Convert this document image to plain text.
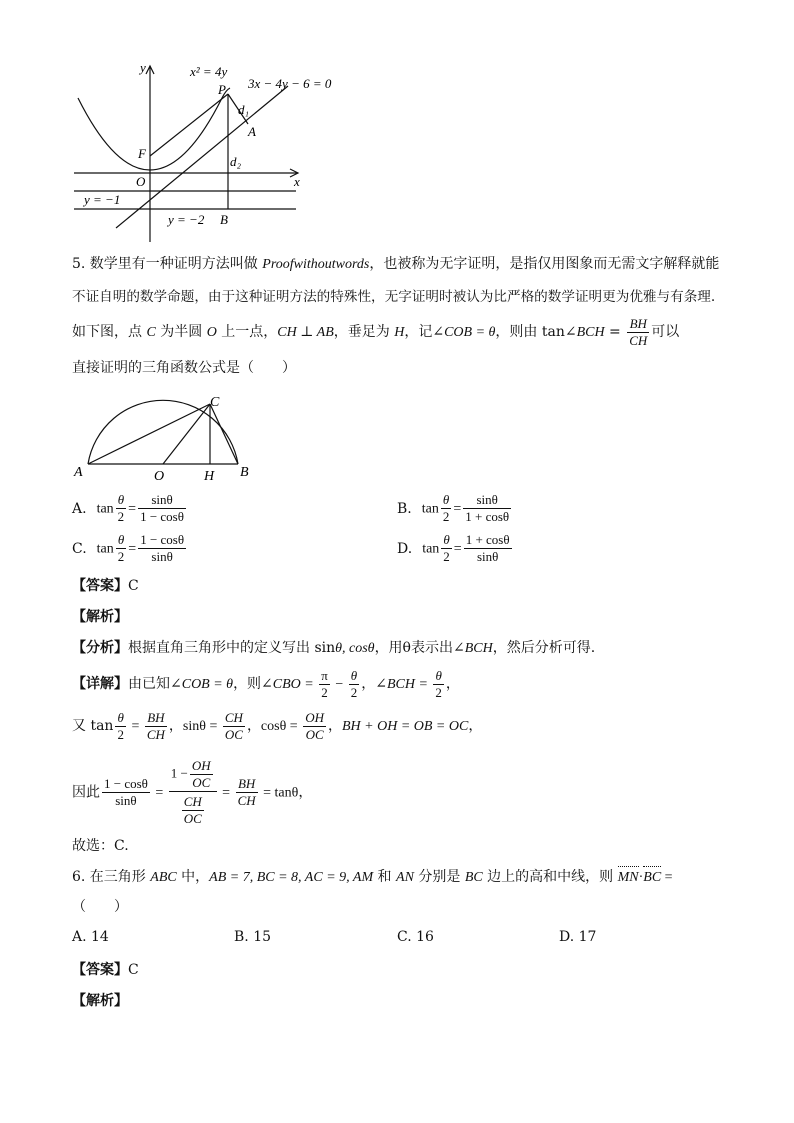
y
x
O
F
P
A
B
x² = 4y
3x − 4y − 6 = 0
d₁
d₂
y = −1
y = −2
5. 数学里有一种证明方法叫做 Proofwithoutwords，也被称为无字证明，是指仅用图象而无需文字解释就能
不证自明的数学命题，由于这种证明方法的特殊性，无字证明时被认为比严格的数学证明更为优雅与有条理.
如下图，点 C 为半圆 O 上一点，CH ⊥ AB，垂足为 H，记∠COB = θ，则由 tan∠BCH = $\frac{BH}{CH}$ 可以
直接证明的三角函数公式是（　　）
A	O	H B
C
A. $\tan \frac{\theta}{2} = \frac{\sin\theta}{1 - \cos\theta}$	B. $\tan \frac{\theta}{2} = \frac{\sin\theta}{1 + \cos\theta}$
C. $\tan \frac{\theta}{2} = \frac{1 - \cos\theta}{\sin\theta}$	D. $\tan \frac{\theta}{2} = \frac{1 + \cos\theta}{\sin\theta}$
【答案】C
【解析】
【分析】根据直角三角形中的定义写出 sinθ, cosθ，用θ表示出∠BCH，然后分析可得.
【详解】由已知∠COB = θ，则∠CBO = $\frac{\pi}{2} - \frac{\theta}{2}$ ，∠BCH = $\frac{\theta}{2}$ ，
又 $\tan \frac{\theta}{2} = \frac{BH}{CH}$ ，$\sin\theta = \frac{CH}{OC}$ ，$\cos\theta = \frac{OH}{OC}$ ，BH + OH = OB = OC，
因此 $\frac{1 - \cos\theta}{\sin\theta} = \frac{1 - \frac{OH}{OC}}{\frac{CH}{OC}} = \frac{BH}{CH} = \tan\theta$，
故选：C.
6. 在三角形 ABC 中，AB = 7, BC = 8, AC = 9, AM 和 AN 分别是 BC 边上的高和中线，则 MN·BC =
（　　）
A. 14	B. 15	C. 16	D. 17
【答案】C
【解析】
